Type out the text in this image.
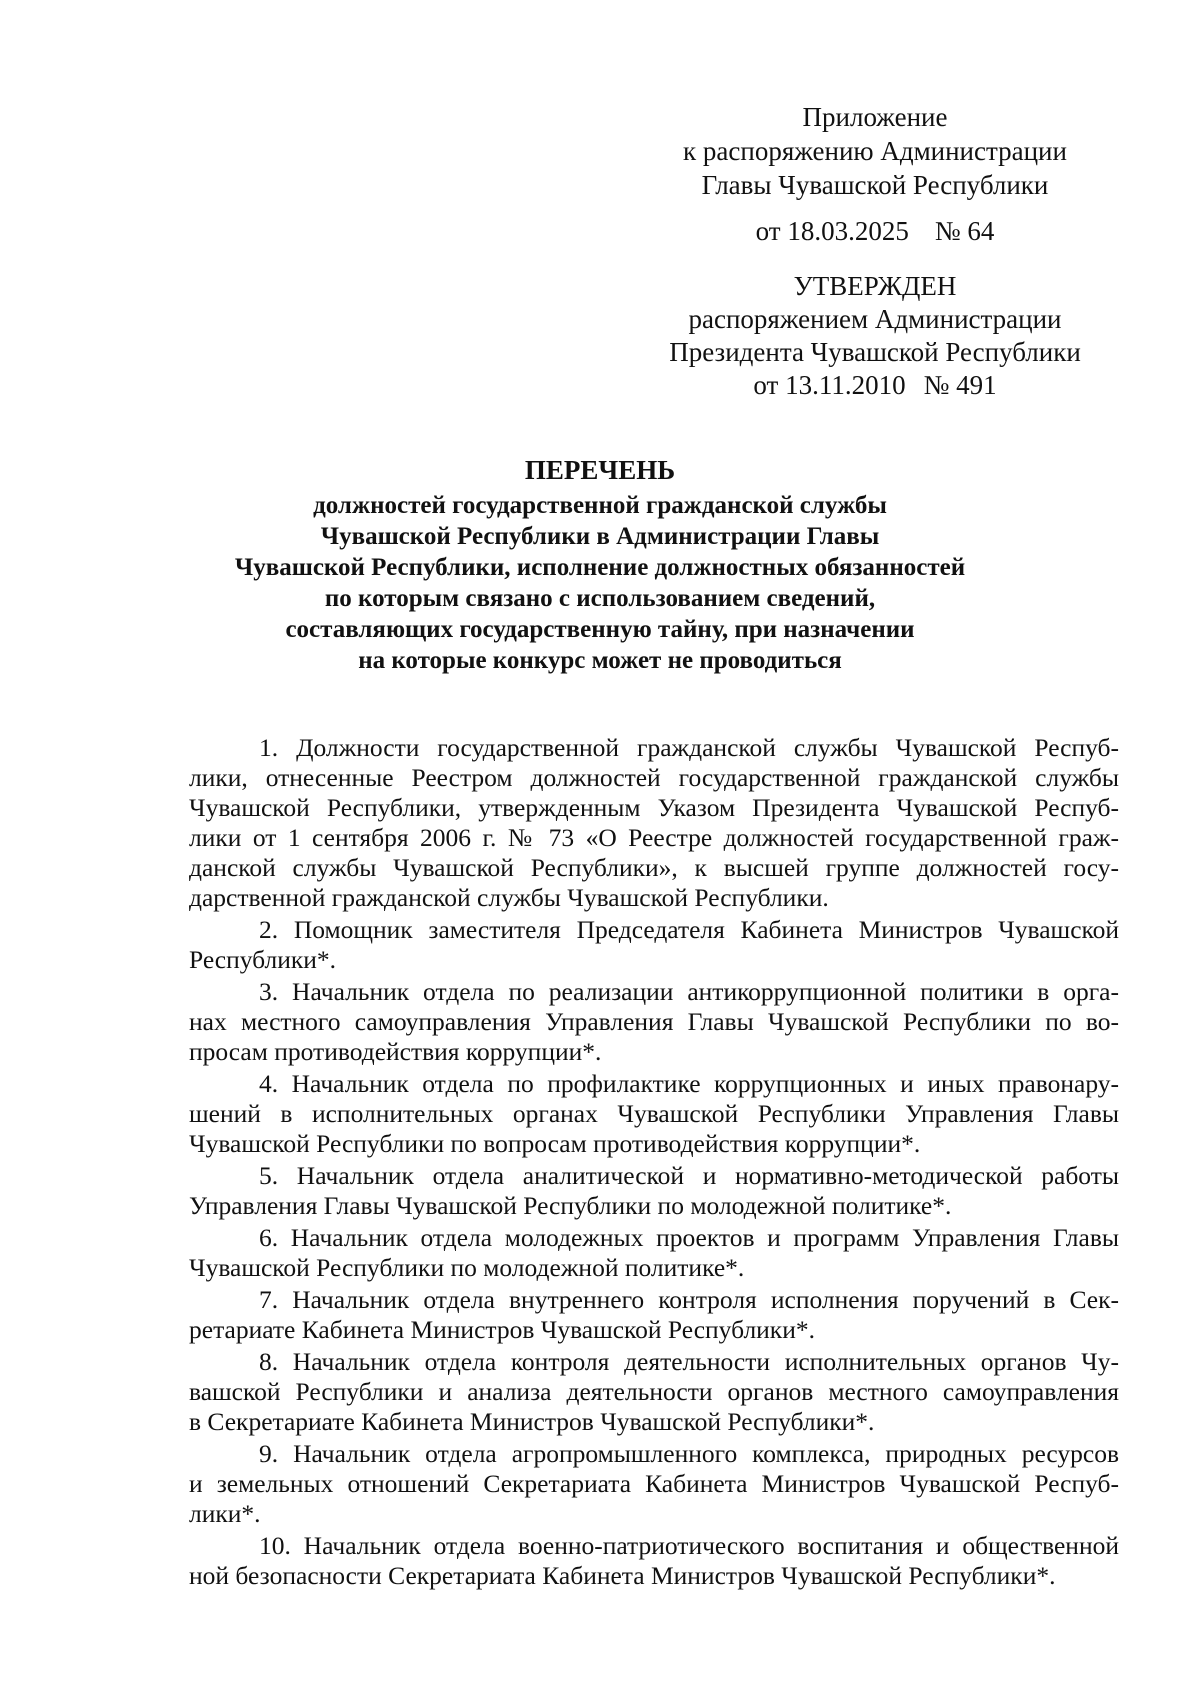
Приложение
к распоряжению Администрации
Главы Чувашской Республики
от 18.03.2025 № 64
УТВЕРЖДЕН
распоряжением Администрации
Президента Чувашской Республики
от 13.11.2010 № 491
ПЕРЕЧЕНЬ
должностей государственной гражданской службы
Чувашской Республики в Администрации Главы
Чувашской Республики, исполнение должностных обязанностей
по которым связано с использованием сведений,
составляющих государственную тайну, при назначении
на которые конкурс может не проводиться
1. Должности государственной гражданской службы Чувашской Респуб-
лики, отнесенные Реестром должностей государственной гражданской службы
Чувашской Республики, утвержденным Указом Президента Чувашской Респуб-
лики от 1 сентября 2006 г. № 73 «О Реестре должностей государственной граж-
данской службы Чувашской Республики», к высшей группе должностей госу-
дарственной гражданской службы Чувашской Республики.
2. Помощник заместителя Председателя Кабинета Министров Чувашской
Республики*.
3. Начальник отдела по реализации антикоррупционной политики в орга-
нах местного самоуправления Управления Главы Чувашской Республики по во-
просам противодействия коррупции*.
4. Начальник отдела по профилактике коррупционных и иных правонару-
шений в исполнительных органах Чувашской Республики Управления Главы
Чувашской Республики по вопросам противодействия коррупции*.
5. Начальник отдела аналитической и нормативно-методической работы
Управления Главы Чувашской Республики по молодежной политике*.
6. Начальник отдела молодежных проектов и программ Управления Главы
Чувашской Республики по молодежной политике*.
7. Начальник отдела внутреннего контроля исполнения поручений в Сек-
ретариате Кабинета Министров Чувашской Республики*.
8. Начальник отдела контроля деятельности исполнительных органов Чу-
вашской Республики и анализа деятельности органов местного самоуправления
в Секретариате Кабинета Министров Чувашской Республики*.
9. Начальник отдела агропромышленного комплекса, природных ресурсов
и земельных отношений Секретариата Кабинета Министров Чувашской Респуб-
лики*.
10. Начальник отдела военно-патриотического воспитания и общественной
ной безопасности Секретариата Кабинета Министров Чувашской Республики*.
